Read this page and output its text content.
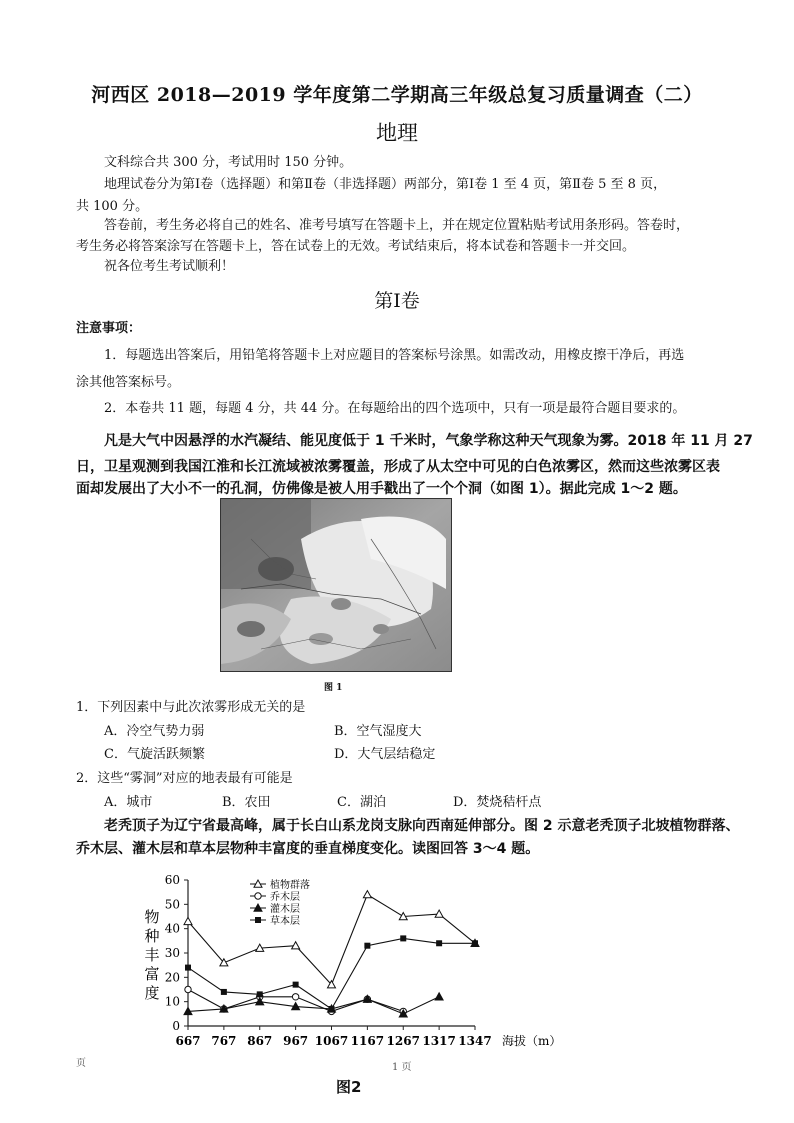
河西区 2018—2019 学年度第二学期高三年级总复习质量调查（二）
地理
文科综合共 300 分，考试用时 150 分钟。
地理试卷分为第Ⅰ卷（选择题）和第Ⅱ卷（非选择题）两部分，第Ⅰ卷 1 至 4 页，第Ⅱ卷 5 至 8 页，
共 100 分。
答卷前，考生务必将自己的姓名、准考号填写在答题卡上，并在规定位置粘贴考试用条形码。答卷时，
考生务必将答案涂写在答题卡上，答在试卷上的无效。考试结束后，将本试卷和答题卡一并交回。
祝各位考生考试顺利！
第Ⅰ卷
注意事项：
1．每题选出答案后，用铅笔将答题卡上对应题目的答案标号涂黑。如需改动，用橡皮擦干净后，再选
涂其他答案标号。
2．本卷共 11 题，每题 4 分，共 44 分。在每题给出的四个选项中，只有一项是最符合题目要求的。
凡是大气中因悬浮的水汽凝结、能见度低于 1 千米时，气象学称这种天气现象为雾。2018 年 11 月 27
日，卫星观测到我国江淮和长江流域被浓雾覆盖，形成了从太空中可见的白色浓雾区，然而这些浓雾区表
面却发展出了大小不一的孔洞，仿佛像是被人用手戳出了一个个洞（如图 1）。据此完成 1～2 题。
图 1
1．下列因素中与此次浓雾形成无关的是
A．冷空气势力弱	B．空气湿度大
C．气旋活跃频繁	D．大气层结稳定
2．这些“雾洞”对应的地表最有可能是
A．城市	B．农田	C．湖泊	D．焚烧秸杆点
老秃顶子为辽宁省最高峰，属于长白山系龙岗支脉向西南延伸部分。图 2 示意老秃顶子北坡植物群落、
乔木层、灌木层和草本层物种丰富度的垂直梯度变化。读图回答 3～4 题。
物
种
丰
富
度
0
10
20
30
40
50
60
667 767 867 967 1067 1167 1267 1317 1347
植物群落
乔木层
灌木层
草本层
海拔（m）
图2
页	1 页
